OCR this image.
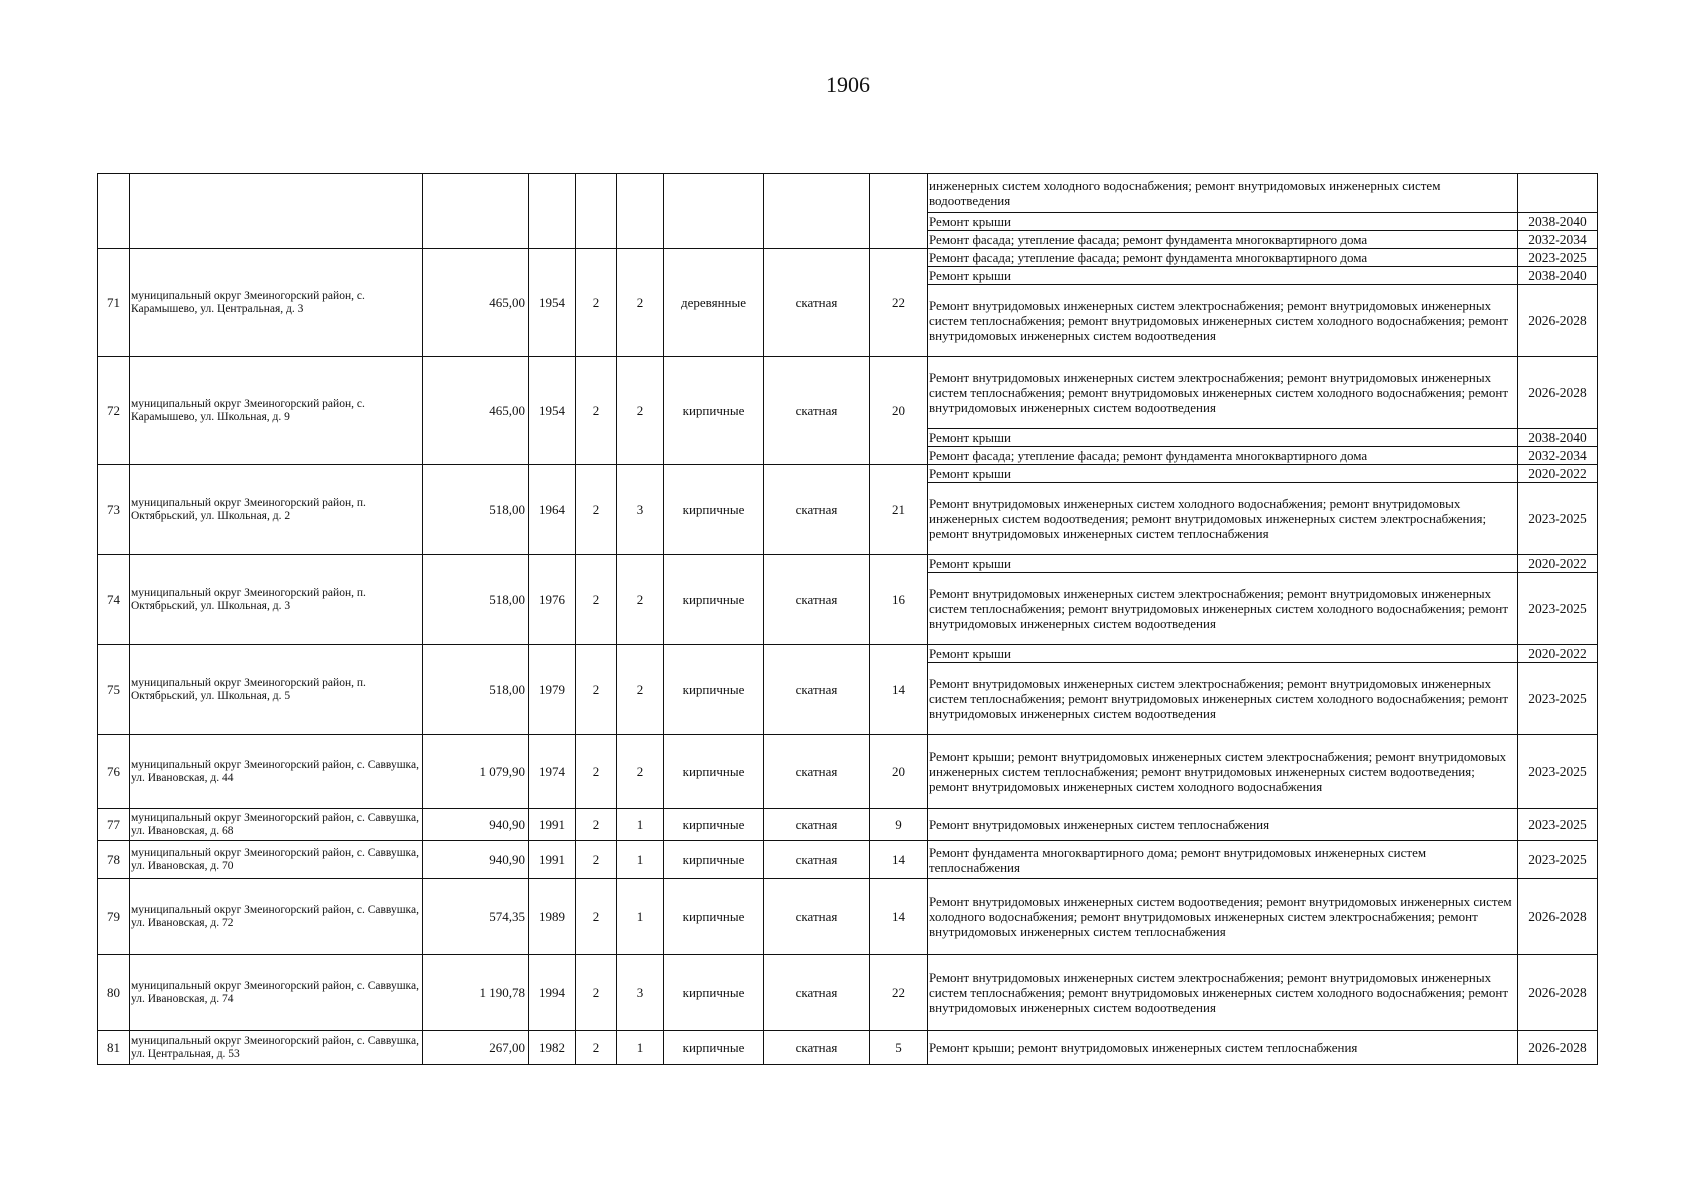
1906
									инженерных систем холодного водоснабжения; ремонт внутридомовых инженерных систем водоотведения	
									Ремонт крыши	2038-2040
									Ремонт фасада; утепление фасада; ремонт фундамента многоквартирного дома	2032-2034
71	муниципальный округ Змеиногорский район, с. Карамышево, ул. Центральная, д. 3	465,00	1954	2	2	деревянные	скатная	22	Ремонт фасада; утепление фасада; ремонт фундамента многоквартирного дома	2023-2025
									Ремонт крыши	2038-2040
									Ремонт внутридомовых инженерных систем электроснабжения; ремонт внутридомовых инженерных систем теплоснабжения; ремонт внутридомовых инженерных систем холодного водоснабжения; ремонт внутридомовых инженерных систем водоотведения	2026-2028
72	муниципальный округ Змеиногорский район, с. Карамышево, ул. Школьная, д. 9	465,00	1954	2	2	кирпичные	скатная	20	Ремонт внутридомовых инженерных систем электроснабжения; ремонт внутридомовых инженерных систем теплоснабжения; ремонт внутридомовых инженерных систем холодного водоснабжения; ремонт внутридомовых инженерных систем водоотведения	2026-2028
									Ремонт крыши	2038-2040
									Ремонт фасада; утепление фасада; ремонт фундамента многоквартирного дома	2032-2034
73	муниципальный округ Змеиногорский район, п. Октябрьский, ул. Школьная, д. 2	518,00	1964	2	3	кирпичные	скатная	21	Ремонт крыши	2020-2022
									Ремонт внутридомовых инженерных систем холодного водоснабжения; ремонт внутридомовых инженерных систем водоотведения; ремонт внутридомовых инженерных систем электроснабжения; ремонт внутридомовых инженерных систем теплоснабжения	2023-2025
74	муниципальный округ Змеиногорский район, п. Октябрьский, ул. Школьная, д. 3	518,00	1976	2	2	кирпичные	скатная	16	Ремонт крыши	2020-2022
									Ремонт внутридомовых инженерных систем электроснабжения; ремонт внутридомовых инженерных систем теплоснабжения; ремонт внутридомовых инженерных систем холодного водоснабжения; ремонт внутридомовых инженерных систем водоотведения	2023-2025
75	муниципальный округ Змеиногорский район, п. Октябрьский, ул. Школьная, д. 5	518,00	1979	2	2	кирпичные	скатная	14	Ремонт крыши	2020-2022
									Ремонт внутридомовых инженерных систем электроснабжения; ремонт внутридомовых инженерных систем теплоснабжения; ремонт внутридомовых инженерных систем холодного водоснабжения; ремонт внутридомовых инженерных систем водоотведения	2023-2025
76	муниципальный округ Змеиногорский район, с. Саввушка, ул. Ивановская, д. 44	1 079,90	1974	2	2	кирпичные	скатная	20	Ремонт крыши; ремонт внутридомовых инженерных систем электроснабжения; ремонт внутридомовых инженерных систем теплоснабжения; ремонт внутридомовых инженерных систем водоотведения; ремонт внутридомовых инженерных систем холодного водоснабжения	2023-2025
77	муниципальный округ Змеиногорский район, с. Саввушка, ул. Ивановская, д. 68	940,90	1991	2	1	кирпичные	скатная	9	Ремонт внутридомовых инженерных систем теплоснабжения	2023-2025
78	муниципальный округ Змеиногорский район, с. Саввушка, ул. Ивановская, д. 70	940,90	1991	2	1	кирпичные	скатная	14	Ремонт фундамента многоквартирного дома; ремонт внутридомовых инженерных систем теплоснабжения	2023-2025
79	муниципальный округ Змеиногорский район, с. Саввушка, ул. Ивановская, д. 72	574,35	1989	2	1	кирпичные	скатная	14	Ремонт внутридомовых инженерных систем водоотведения; ремонт внутридомовых инженерных систем холодного водоснабжения; ремонт внутридомовых инженерных систем электроснабжения; ремонт внутридомовых инженерных систем теплоснабжения	2026-2028
80	муниципальный округ Змеиногорский район, с. Саввушка, ул. Ивановская, д. 74	1 190,78	1994	2	3	кирпичные	скатная	22	Ремонт внутридомовых инженерных систем электроснабжения; ремонт внутридомовых инженерных систем теплоснабжения; ремонт внутридомовых инженерных систем холодного водоснабжения; ремонт внутридомовых инженерных систем водоотведения	2026-2028
81	муниципальный округ Змеиногорский район, с. Саввушка, ул. Центральная, д. 53	267,00	1982	2	1	кирпичные	скатная	5	Ремонт крыши; ремонт внутридомовых инженерных систем теплоснабжения	2026-2028
